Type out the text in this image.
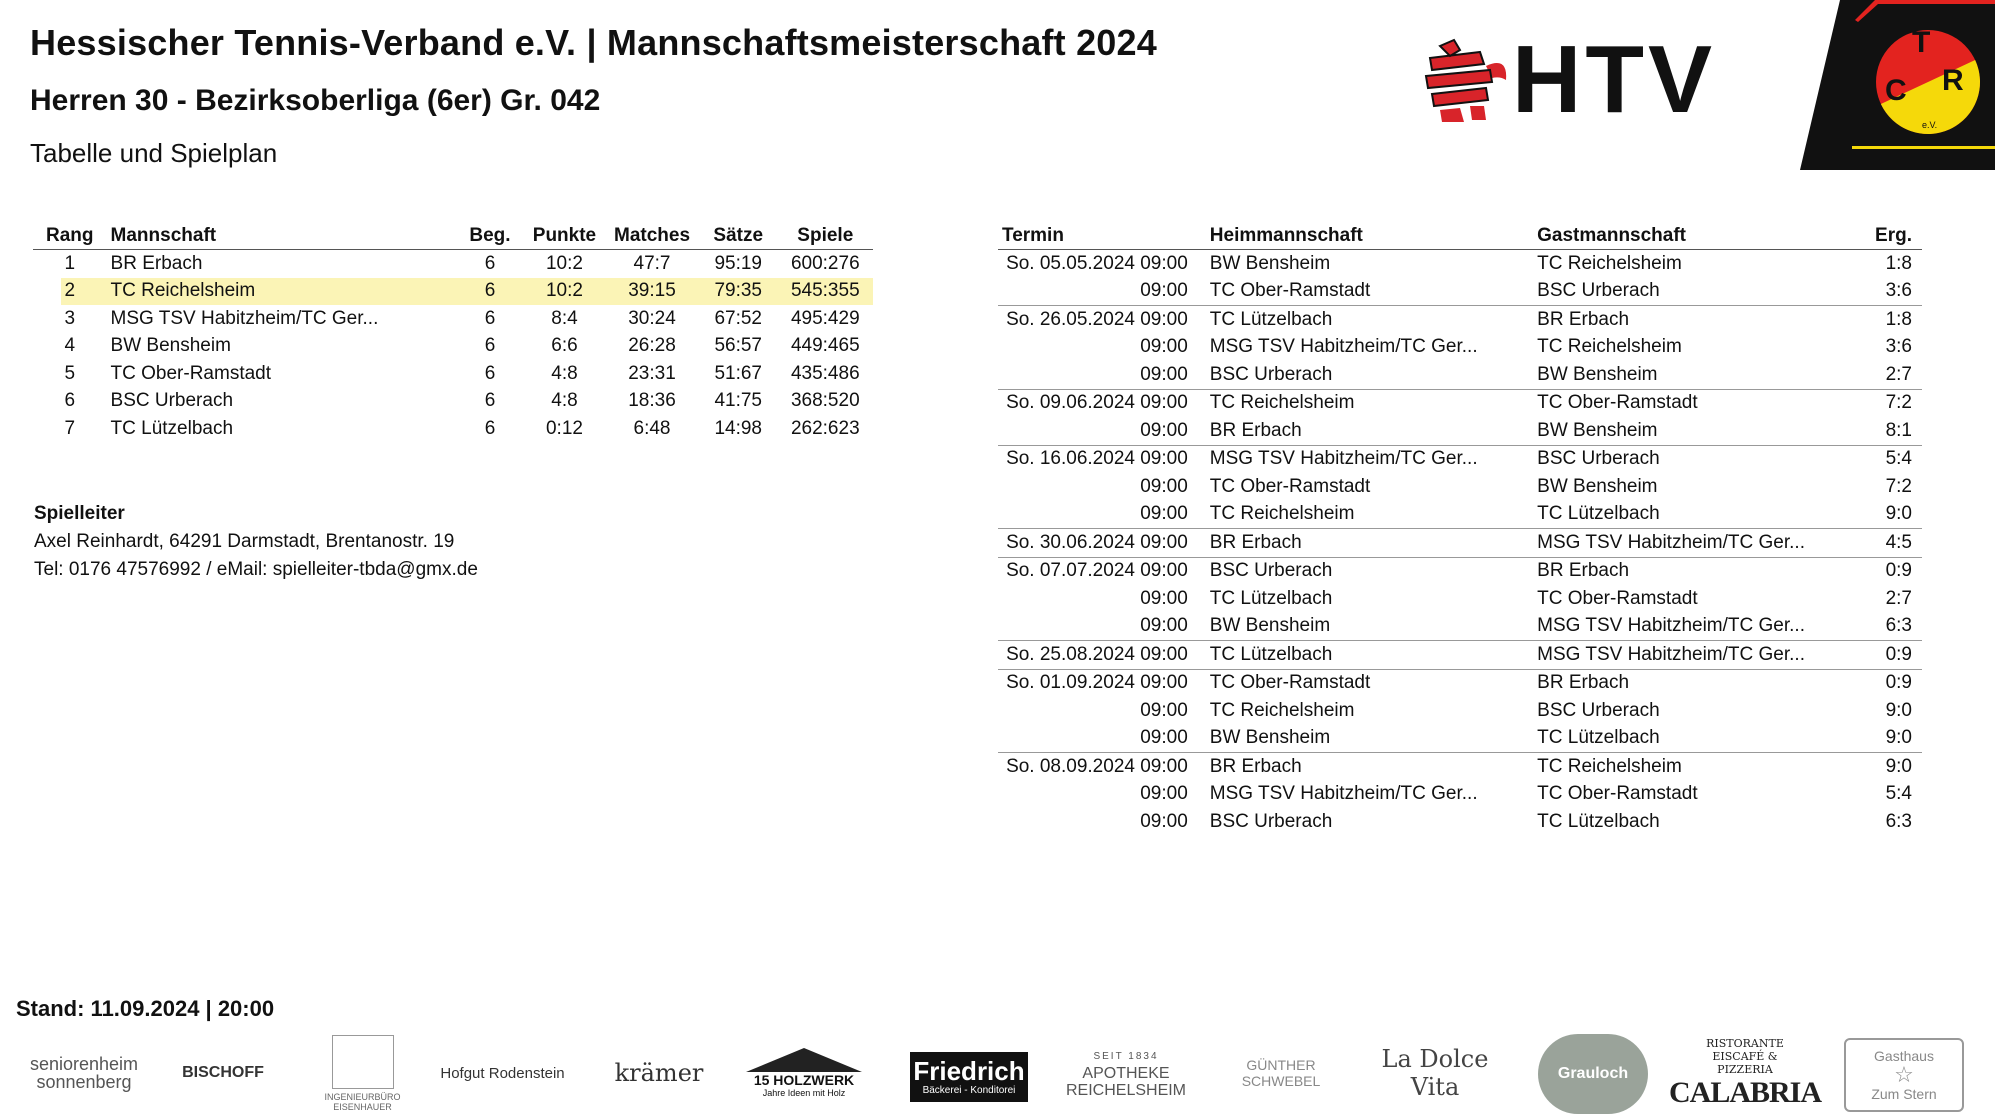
Hessischer Tennis-Verband e.V. | Mannschaftsmeisterschaft 2024
Herren 30 - Bezirksoberliga (6er) Gr. 042
Tabelle und Spielplan
HTV	T
C R
e.V.
Rang	Mannschaft	Beg.	Punkte	Matches	Sätze	Spiele
1	BR Erbach	6	10:2	47:7	95:19	600:276
2	TC Reichelsheim	6	10:2	39:15	79:35	545:355
3	MSG TSV Habitzheim/TC Ger...	6	8:4	30:24	67:52	495:429
4	BW Bensheim	6	6:6	26:28	56:57	449:465
5	TC Ober-Ramstadt	6	4:8	23:31	51:67	435:486
6	BSC Urberach	6	4:8	18:36	41:75	368:520
7	TC Lützelbach	6	0:12	6:48	14:98	262:623
Spielleiter
Axel Reinhardt, 64291 Darmstadt, Brentanostr. 19
Tel: 0176 47576992 / eMail: spielleiter-tbda@gmx.de
Termin	Heimmannschaft	Gastmannschaft	Erg.
So. 05.05.2024 09:00	BW Bensheim	TC Reichelsheim	1:8
09:00	TC Ober-Ramstadt	BSC Urberach	3:6
So. 26.05.2024 09:00	TC Lützelbach	BR Erbach	1:8
09:00	MSG TSV Habitzheim/TC Ger...	TC Reichelsheim	3:6
09:00	BSC Urberach	BW Bensheim	2:7
So. 09.06.2024 09:00	TC Reichelsheim	TC Ober-Ramstadt	7:2
09:00	BR Erbach	BW Bensheim	8:1
So. 16.06.2024 09:00	MSG TSV Habitzheim/TC Ger...	BSC Urberach	5:4
09:00	TC Ober-Ramstadt	BW Bensheim	7:2
09:00	TC Reichelsheim	TC Lützelbach	9:0
So. 30.06.2024 09:00	BR Erbach	MSG TSV Habitzheim/TC Ger...	4:5
So. 07.07.2024 09:00	BSC Urberach	BR Erbach	0:9
09:00	TC Lützelbach	TC Ober-Ramstadt	2:7
09:00	BW Bensheim	MSG TSV Habitzheim/TC Ger...	6:3
So. 25.08.2024 09:00	TC Lützelbach	MSG TSV Habitzheim/TC Ger...	0:9
So. 01.09.2024 09:00	TC Ober-Ramstadt	BR Erbach	0:9
09:00	TC Reichelsheim	BSC Urberach	9:0
09:00	BW Bensheim	TC Lützelbach	9:0
So. 08.09.2024 09:00	BR Erbach	TC Reichelsheim	9:0
09:00	MSG TSV Habitzheim/TC Ger...	TC Ober-Ramstadt	5:4
09:00	BSC Urberach	TC Lützelbach	6:3
Stand: 11.09.2024 | 20:00
seniorenheim sonnenberg	BISCHOFF
INGENIEURBÜRO EISENHAUER
Hofgut Rodenstein	krämer	15 HOLZWERK
Jahre Ideen mit Holz
Friedrich
Bäckerei - Konditorei
SEIT 1834
APOTHEKE
REICHELSHEIM
GÜNTHER SCHWEBEL
La Dolce Vita	Grauloch
RISTORANTE EISCAFÉ & PIZZERIA
CALABRIA
Gasthaus
☆
Zum Stern
